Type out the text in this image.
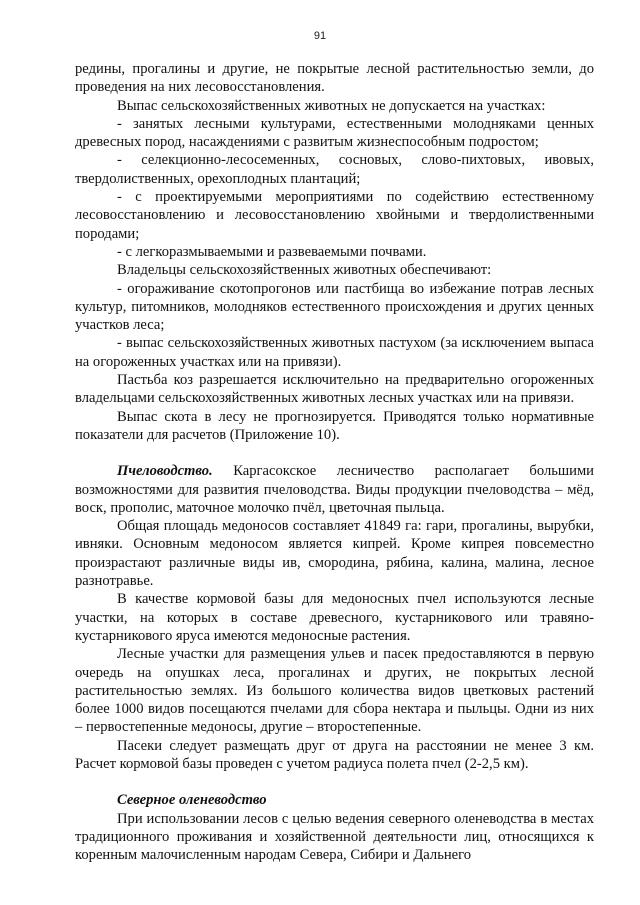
91

редины, прогалины и другие, не покрытые лесной растительностью земли, до проведения на них лесовосстановления.

Выпас сельскохозяйственных животных не допускается на участках:

- занятых лесными культурами, естественными молодняками ценных древесных пород, насаждениями с развитым жизнеспособным подростом;

- селекционно-лесосеменных, сосновых, слово-пихтовых, ивовых, твердолиственных, орехоплодных плантаций;

- с проектируемыми мероприятиями по содействию естественному лесовосстановлению и лесовосстановлению хвойными и твердолиственными породами;

- с легкоразмываемыми и развеваемыми почвами.

Владельцы сельскохозяйственных животных обеспечивают:

- огораживание скотопрогонов или пастбища во избежание потрав лесных культур, питомников, молодняков естественного происхождения и других ценных участков леса;

- выпас сельскохозяйственных животных пастухом (за исключением выпаса на огороженных участках или на привязи).

Пастьба коз разрешается исключительно на предварительно огороженных владельцами сельскохозяйственных животных лесных участках или на привязи.

Выпас скота в лесу не прогнозируется. Приводятся только нормативные показатели для расчетов (Приложение 10).

Пчеловодство. Каргасокское лесничество располагает большими возможностями для развития пчеловодства. Виды продукции пчеловодства – мёд, воск, прополис, маточное молочко пчёл, цветочная пыльца.

Общая площадь медоносов составляет 41849 га: гари, прогалины, вырубки, ивняки. Основным медоносом является кипрей. Кроме кипрея повсеместно произрастают различные виды ив, смородина, рябина, калина, малина, лесное разнотравье.

В качестве кормовой базы для медоносных пчел используются лесные участки, на которых в составе древесного, кустарникового или травяно-кустарникового яруса имеются медоносные растения.

Лесные участки для размещения ульев и пасек предоставляются в первую очередь на опушках леса, прогалинах и других, не покрытых лесной растительностью землях. Из большого количества видов цветковых растений более 1000 видов посещаются пчелами для сбора нектара и пыльцы. Одни из них – первостепенные медоносы, другие – второстепенные.

Пасеки следует размещать друг от друга на расстоянии не менее 3 км. Расчет кормовой базы проведен с учетом радиуса полета пчел (2-2,5 км).

Северное оленеводство

При использовании лесов с целью ведения северного оленеводства в местах традиционного проживания и хозяйственной деятельности лиц, относящихся к коренным малочисленным народам Севера, Сибири и Дальнего
